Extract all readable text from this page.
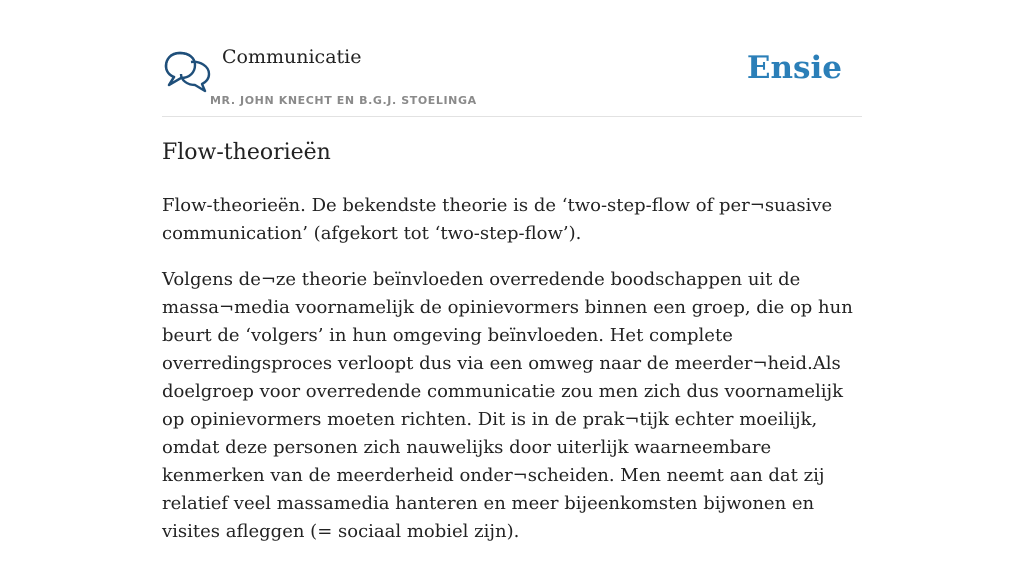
Communicatie
MR. JOHN KNECHT EN B.G.J. STOELINGA
Ensie
Flow-theorieën

Flow-theorieën. De bekendste theorie is de ‘two-step-flow of per¬suasive communication’ (afgekort tot ‘two-step-flow’).

Volgens de¬ze theorie beïnvloeden overredende boodschappen uit de massa¬media voornamelijk de opinievormers binnen een groep, die op hun beurt de ‘volgers’ in hun omgeving beïnvloeden. Het complete overredingsproces verloopt dus via een omweg naar de meerder¬heid.Als doelgroep voor overredende communicatie zou men zich dus voornamelijk op opinievormers moeten richten. Dit is in de prak¬tijk echter moeilijk, omdat deze personen zich nauwelijks door uiterlijk waarneembare kenmerken van de meerderheid onder¬scheiden. Men neemt aan dat zij relatief veel massamedia hanteren en meer bijeenkomsten bijwonen en visites afleggen (= sociaal mobiel zijn).
